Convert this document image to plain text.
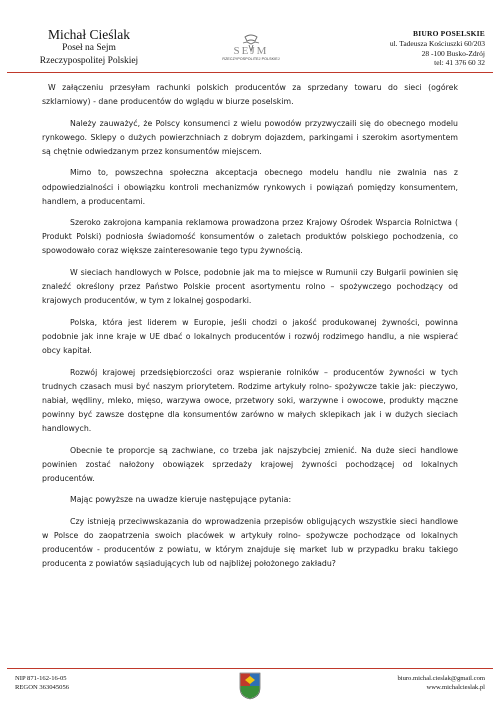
Michał Cieślak
Poseł na Sejm
Rzeczypospolitej Polskiej
SEJM
RZECZYPOSPOLITEJ POLSKIEJ
BIURO POSELSKIE
ul. Tadeusza Kościuszki 60/203
28 -100 Busko-Zdrój
tel: 41 376 60 32

W załączeniu przesyłam rachunki polskich producentów za sprzedany towaru do sieci (ogórek szklarniowy) - dane producentów do wglądu w biurze poselskim.

Należy zauważyć, że Polscy konsumenci z wielu powodów przyzwyczaili się do obecnego modelu rynkowego. Sklepy o dużych powierzchniach z dobrym dojazdem, parkingami i szerokim asortymentem są chętnie odwiedzanym przez konsumentów miejscem.

Mimo to, powszechna społeczna akceptacja obecnego modelu handlu nie zwalnia nas z odpowiedzialności i obowiązku kontroli mechanizmów rynkowych i powiązań pomiędzy konsumentem, handlem, a producentami.

Szeroko zakrojona kampania reklamowa prowadzona przez Krajowy Ośrodek Wsparcia Rolnictwa ( Produkt Polski) podniosła świadomość konsumentów o zaletach produktów polskiego pochodzenia, co spowodowało coraz większe zainteresowanie tego typu żywnością.

W sieciach handlowych w Polsce, podobnie jak ma to miejsce w Rumunii czy Bułgarii powinien się znaleźć określony przez Państwo Polskie procent asortymentu rolno – spożywczego pochodzący od krajowych producentów, w tym z lokalnej gospodarki.

Polska, która jest liderem w Europie, jeśli chodzi o jakość produkowanej żywności, powinna podobnie jak inne kraje w UE dbać o lokalnych producentów i rozwój rodzimego handlu, a nie wspierać obcy kapitał.

Rozwój krajowej przedsiębiorczości oraz wspieranie rolników – producentów żywności w tych trudnych czasach musi być naszym priorytetem. Rodzime artykuły rolno- spożywcze takie jak: pieczywo, nabiał, wędliny, mleko, mięso, warzywa owoce, przetwory soki, warzywne i owocowe, produkty mączne powinny być zawsze dostępne dla konsumentów zarówno w małych sklepikach jak i w dużych sieciach handlowych.

Obecnie te proporcje są zachwiane, co trzeba jak najszybciej zmienić. Na duże sieci handlowe powinien zostać nałożony obowiązek sprzedaży krajowej żywności pochodzącej od lokalnych producentów.

Mając powyższe na uwadze kieruje następujące pytania:

Czy istnieją przeciwwskazania do wprowadzenia przepisów obligujących wszystkie sieci handlowe w Polsce do zaopatrzenia swoich placówek w artykuły rolno- spożywcze pochodzące od lokalnych producentów - producentów z powiatu, w którym znajduje się market lub w przypadku braku takiego producenta z powiatów sąsiadujących lub od najbliżej położonego zakładu?

NIP 871-162-16-05
REGON 363045056
biuro.michal.cieslak@gmail.com
www.michalcieslak.pl
